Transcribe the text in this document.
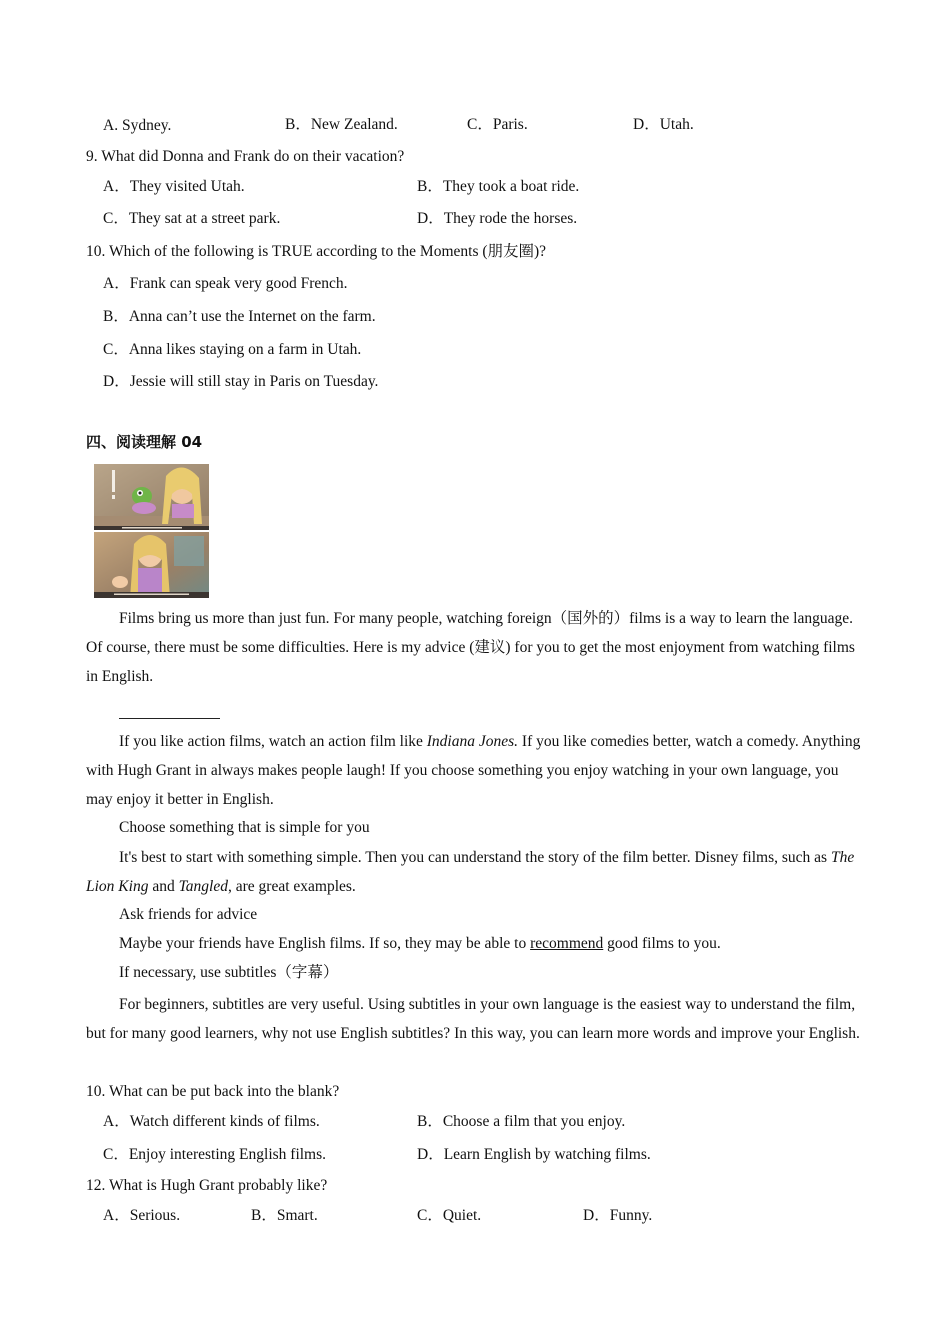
A. Sydney.	B．New Zealand.	C．Paris.	D．Utah.
9. What did Donna and Frank do on their vacation?
A．They visited Utah.	B．They took a boat ride.
C．They sat at a street park.	D．They rode the horses.
10. Which of the following is TRUE according to the Moments (朋友圈)?
A．Frank can speak very good French.
B．Anna can’t use the Internet on the farm.
C．Anna likes staying on a farm in Utah.
D．Jessie will still stay in Paris on Tuesday.
四、阅读理解 04
Films bring us more than just fun. For many people, watching foreign（国外的）films is a way to learn the language. Of course, there must be some difficulties. Here is my advice (建议) for you to get the most enjoyment from watching films in English.
If you like action films, watch an action film like Indiana Jones. If you like comedies better, watch a comedy. Anything with Hugh Grant in always makes people laugh! If you choose something you enjoy watching in your own language, you may enjoy it better in English.
Choose something that is simple for you
It's best to start with something simple. Then you can understand the story of the film better. Disney films, such as The Lion King and Tangled, are great examples.
Ask friends for advice
Maybe your friends have English films. If so, they may be able to recommend good films to you.
If necessary, use subtitles（字幕）
For beginners, subtitles are very useful. Using subtitles in your own language is the easiest way to understand the film, but for many good learners, why not use English subtitles? In this way, you can learn more words and improve your English.
10. What can be put back into the blank?
A．Watch different kinds of films.	B．Choose a film that you enjoy.
C．Enjoy interesting English films.	D．Learn English by watching films.
12. What is Hugh Grant probably like?
A．Serious.	B．Smart.	C．Quiet.	D．Funny.
